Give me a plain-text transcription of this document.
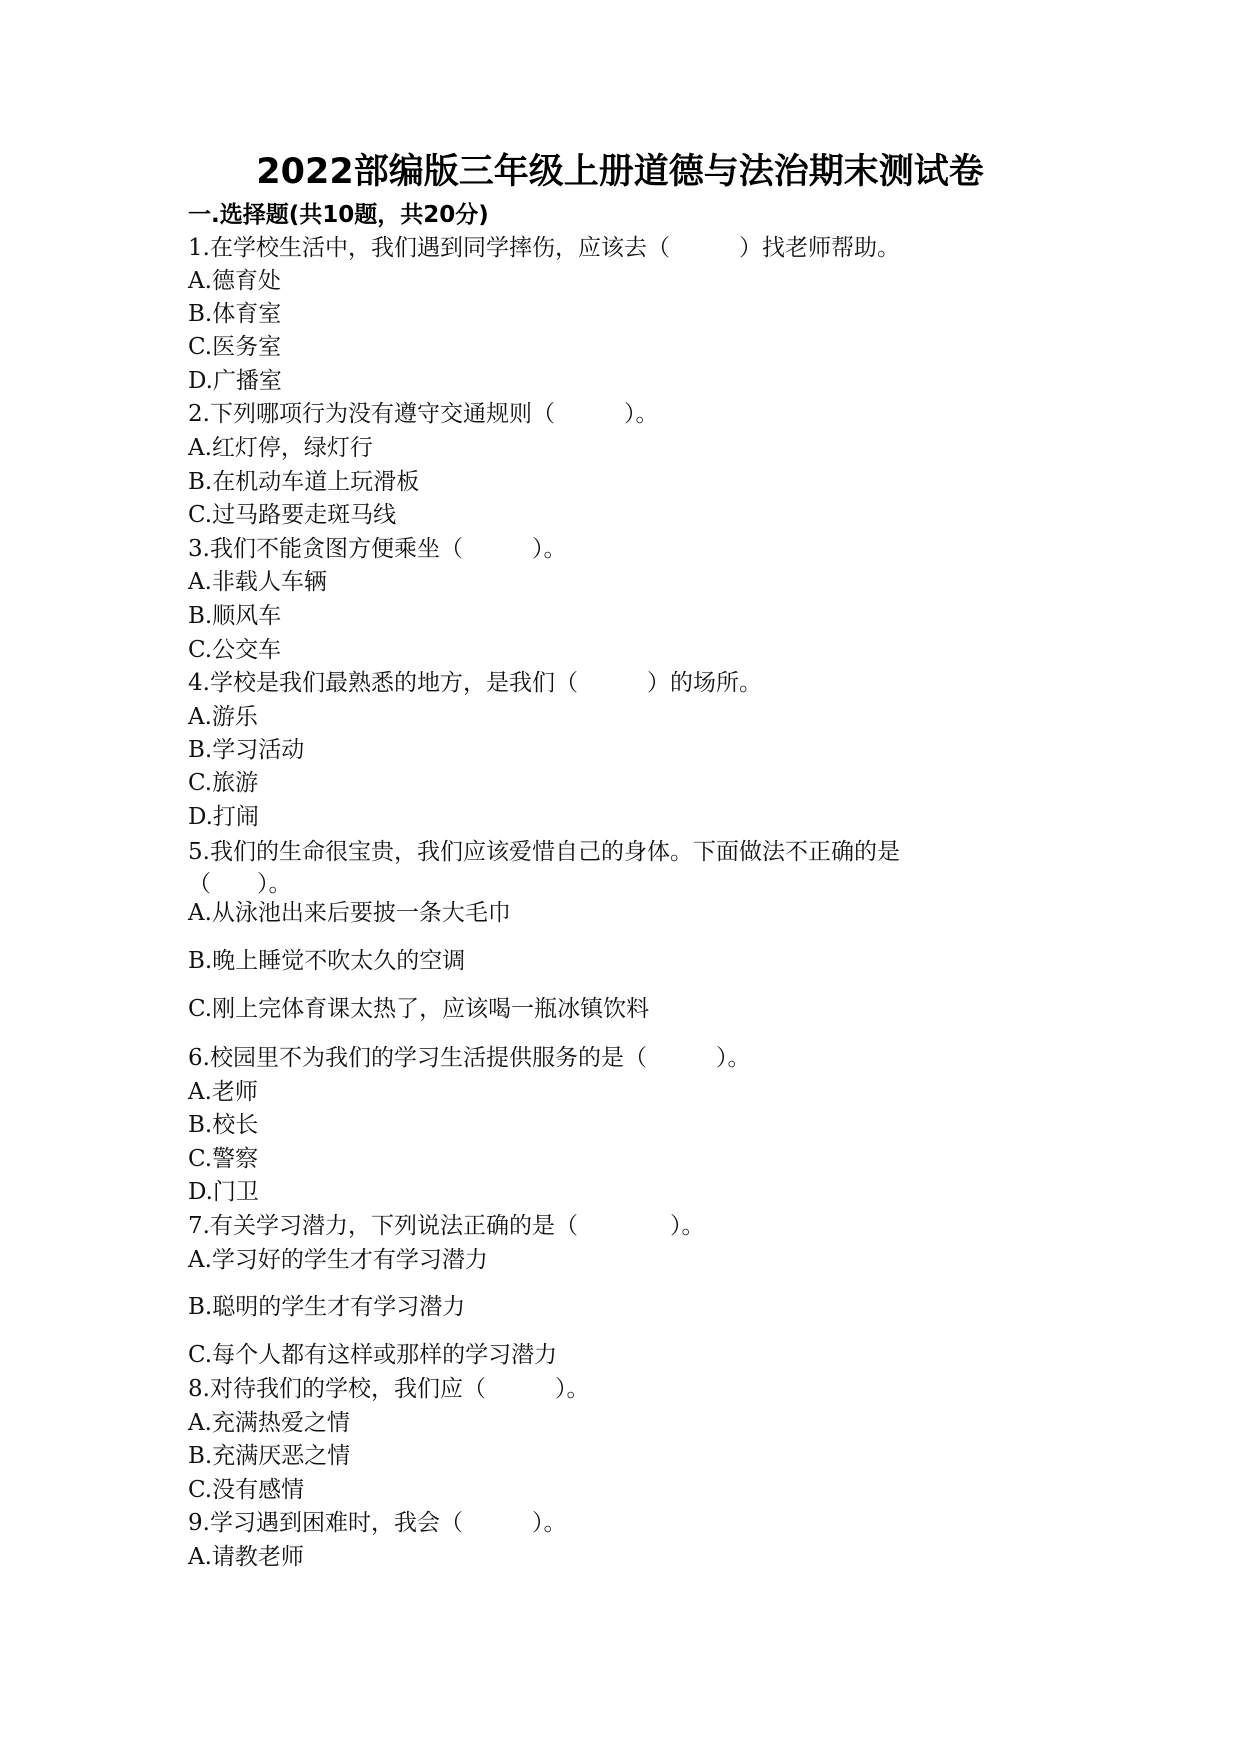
2022部编版三年级上册道德与法治期末测试卷
一.选择题(共10题，共20分)
1.在学校生活中，我们遇到同学摔伤，应该去（　　　）找老师帮助。
A.德育处
B.体育室
C.医务室
D.广播室
2.下列哪项行为没有遵守交通规则（　　　）。
A.红灯停，绿灯行
B.在机动车道上玩滑板
C.过马路要走斑马线
3.我们不能贪图方便乘坐（　　　）。
A.非载人车辆
B.顺风车
C.公交车
4.学校是我们最熟悉的地方，是我们（　　　）的场所。
A.游乐
B.学习活动
C.旅游
D.打闹
5.我们的生命很宝贵，我们应该爱惜自己的身体。下面做法不正确的是（　　）。
A.从泳池出来后要披一条大毛巾
B.晚上睡觉不吹太久的空调
C.刚上完体育课太热了，应该喝一瓶冰镇饮料
6.校园里不为我们的学习生活提供服务的是（　　　）。
A.老师
B.校长
C.警察
D.门卫
7.有关学习潜力，下列说法正确的是（　　　　）。
A.学习好的学生才有学习潜力
B.聪明的学生才有学习潜力
C.每个人都有这样或那样的学习潜力
8.对待我们的学校，我们应（　　　）。
A.充满热爱之情
B.充满厌恶之情
C.没有感情
9.学习遇到困难时，我会（　　　）。
A.请教老师
